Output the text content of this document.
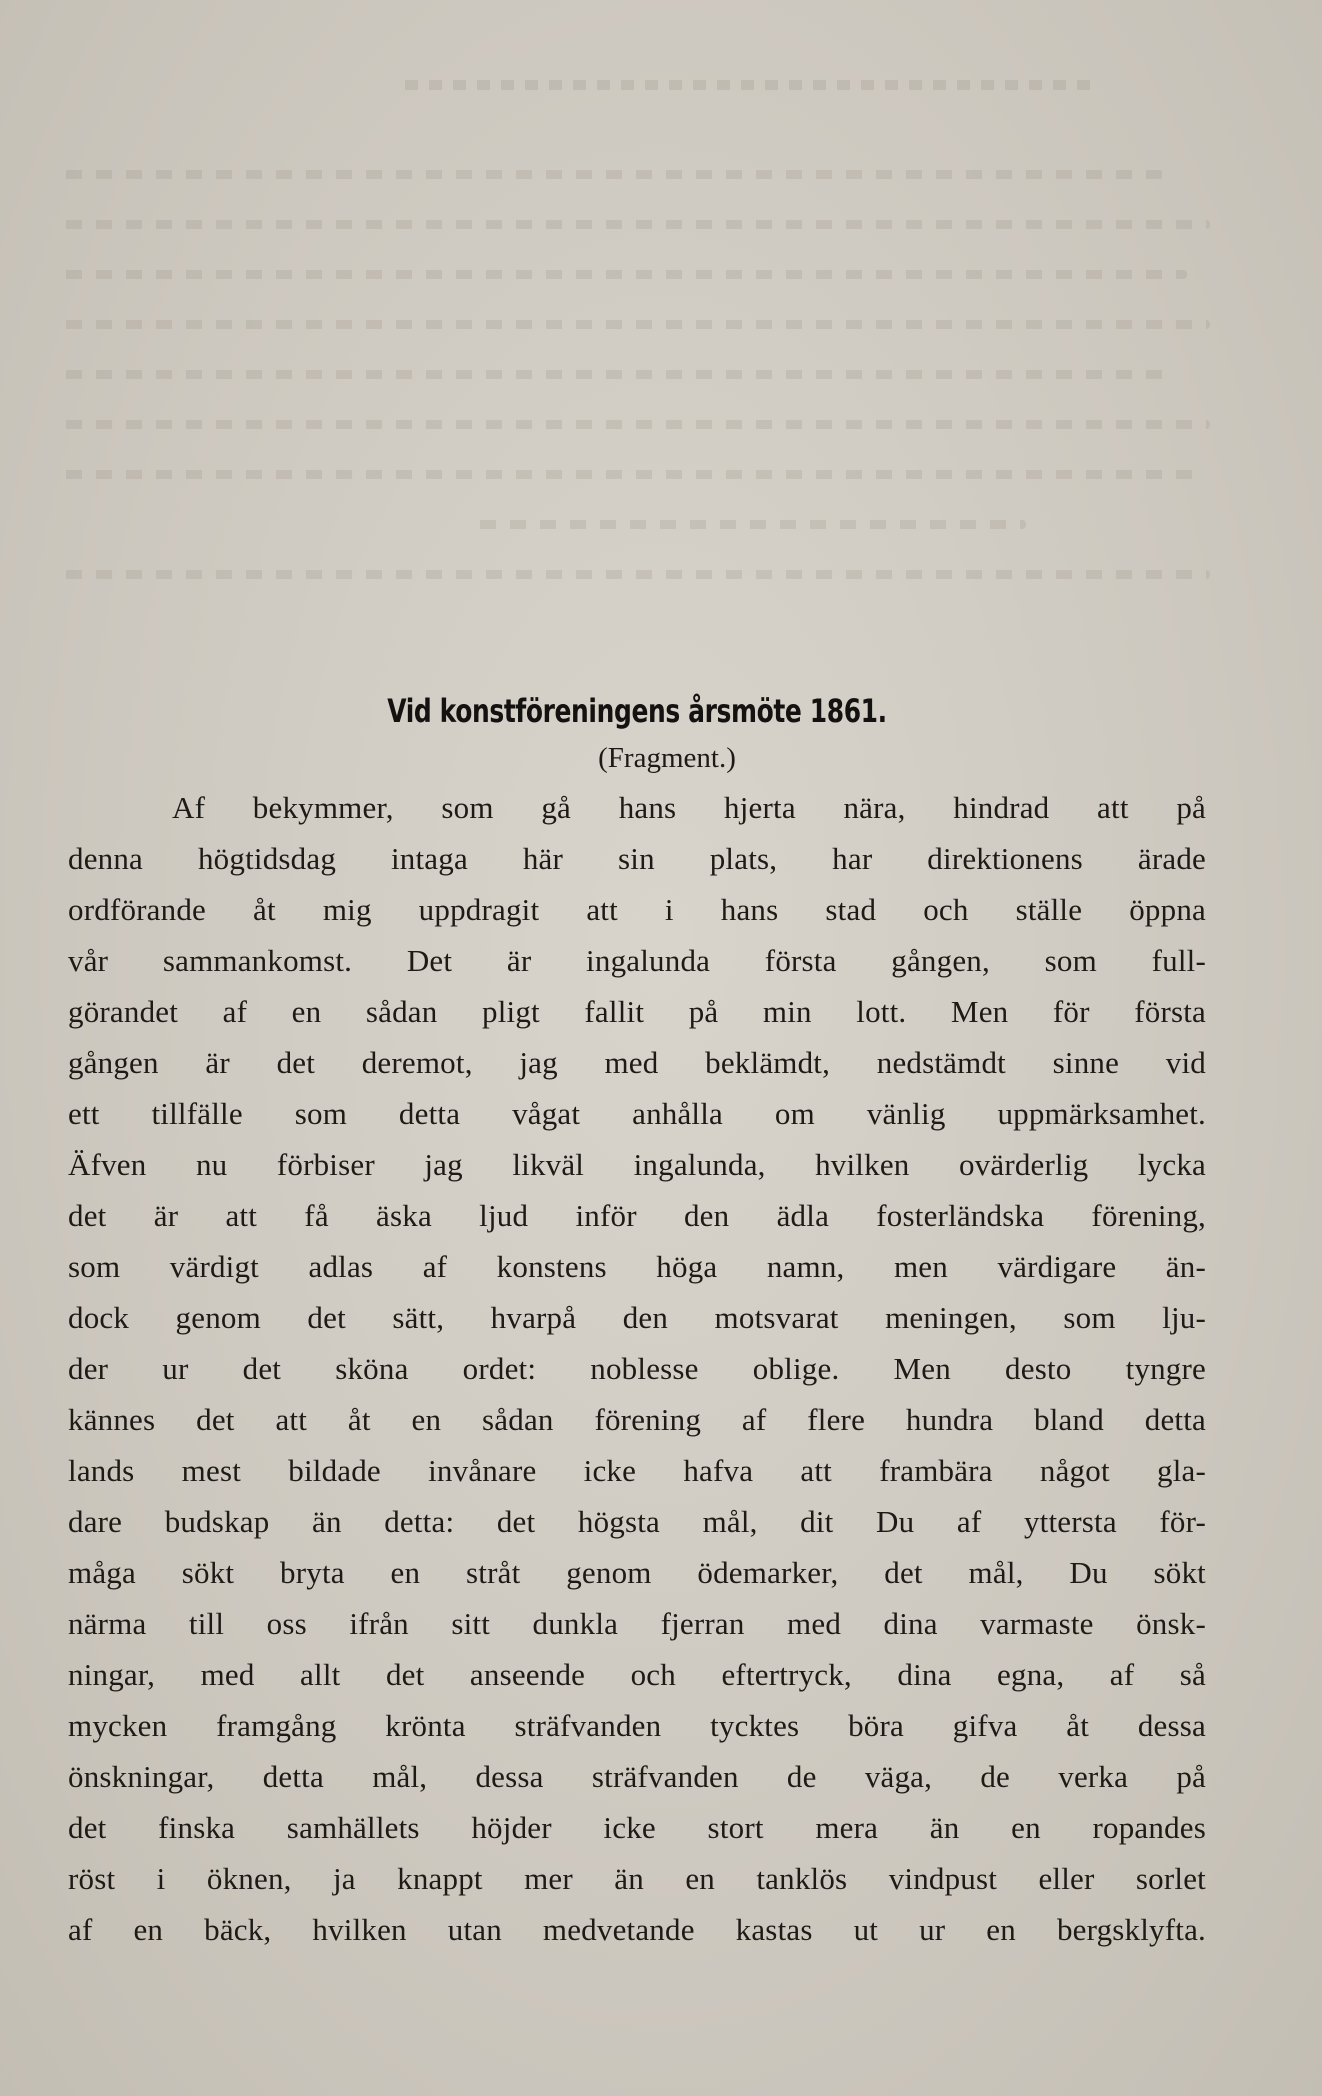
Vid konstföreningens årsmöte 1861.

(Fragment.)

Af bekymmer, som gå hans hjerta nära, hindrad att på
denna högtidsdag intaga här sin plats, har direktionens ärade
ordförande åt mig uppdragit att i hans stad och ställe öppna
vår sammankomst. Det är ingalunda första gången, som full-
görandet af en sådan pligt fallit på min lott. Men för första
gången är det deremot, jag med beklämdt, nedstämdt sinne vid
ett tillfälle som detta vågat anhålla om vänlig uppmärksamhet.
Äfven nu förbiser jag likväl ingalunda, hvilken ovärderlig lycka
det är att få äska ljud inför den ädla fosterländska förening,
som värdigt adlas af konstens höga namn, men värdigare än-
dock genom det sätt, hvarpå den motsvarat meningen, som lju-
der ur det sköna ordet: noblesse oblige. Men desto tyngre
kännes det att åt en sådan förening af flere hundra bland detta
lands mest bildade invånare icke hafva att frambära något gla-
dare budskap än detta: det högsta mål, dit Du af yttersta för-
måga sökt bryta en stråt genom ödemarker, det mål, Du sökt
närma till oss ifrån sitt dunkla fjerran med dina varmaste önsk-
ningar, med allt det anseende och eftertryck, dina egna, af så
mycken framgång krönta sträfvanden tycktes böra gifva åt dessa
önskningar, detta mål, dessa sträfvanden de väga, de verka på
det finska samhällets höjder icke stort mera än en ropandes
röst i öknen, ja knappt mer än en tanklös vindpust eller sorlet
af en bäck, hvilken utan medvetande kastas ut ur en bergsklyfta.
